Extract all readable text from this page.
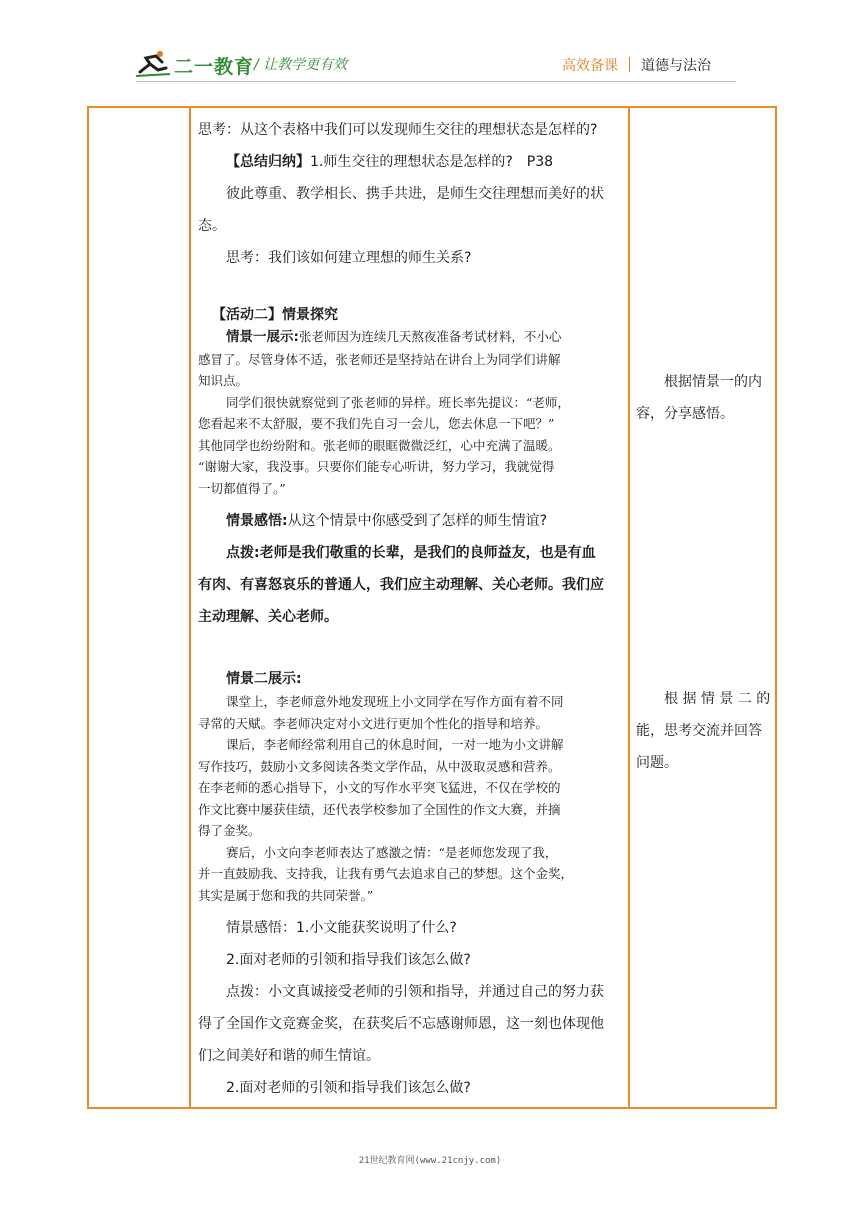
二一教育 / 让教学更有效	高效备课 道德与法治

思考：从这个表格中我们可以发现师生交往的理想状态是怎样的?

【总结归纳】1.师生交往的理想状态是怎样的?　P38

彼此尊重、教学相长、携手共进，是师生交往理想而美好的状

态。

思考：我们该如何建立理想的师生关系?

【活动二】情景探究

情景一展示:张老师因为连续几天熬夜准备考试材料，不小心

感冒了。尽管身体不适，张老师还是坚持站在讲台上为同学们讲解

知识点。

同学们很快就察觉到了张老师的异样。班长率先提议：“老师，

您看起来不太舒服，要不我们先自习一会儿，您去休息一下吧？”

其他同学也纷纷附和。张老师的眼眶微微泛红，心中充满了温暖。

“谢谢大家，我没事。只要你们能专心听讲，努力学习，我就觉得

一切都值得了。”

情景感悟:从这个情景中你感受到了怎样的师生情谊?

点拨:老师是我们敬重的长辈，是我们的良师益友，也是有血

有肉、有喜怒哀乐的普通人，我们应主动理解、关心老师。我们应

主动理解、关心老师。

情景二展示:

课堂上，李老师意外地发现班上小文同学在写作方面有着不同

寻常的天赋。李老师决定对小文进行更加个性化的指导和培养。

课后，李老师经常利用自己的休息时间，一对一地为小文讲解

写作技巧，鼓励小文多阅读各类文学作品，从中汲取灵感和营养。

在李老师的悉心指导下，小文的写作水平突飞猛进，不仅在学校的

作文比赛中屡获佳绩，还代表学校参加了全国性的作文大赛，并摘

得了金奖。

赛后，小文向李老师表达了感激之情：“是老师您发现了我，

并一直鼓励我、支持我，让我有勇气去追求自己的梦想。这个金奖，

其实是属于您和我的共同荣誉。”

情景感悟：1.小文能获奖说明了什么?

2.面对老师的引领和指导我们该怎么做?

点拨：小文真诚接受老师的引领和指导，并通过自己的努力获

得了全国作文竞赛金奖，在获奖后不忘感谢师恩，这一刻也体现他

们之间美好和谐的师生情谊。

2.面对老师的引领和指导我们该怎么做?

根据情景一的内
容，分享感悟。
根 据 情 景 二 的
能，思考交流并回答
问题。
21世纪教育网(www.21cnjy.com)
